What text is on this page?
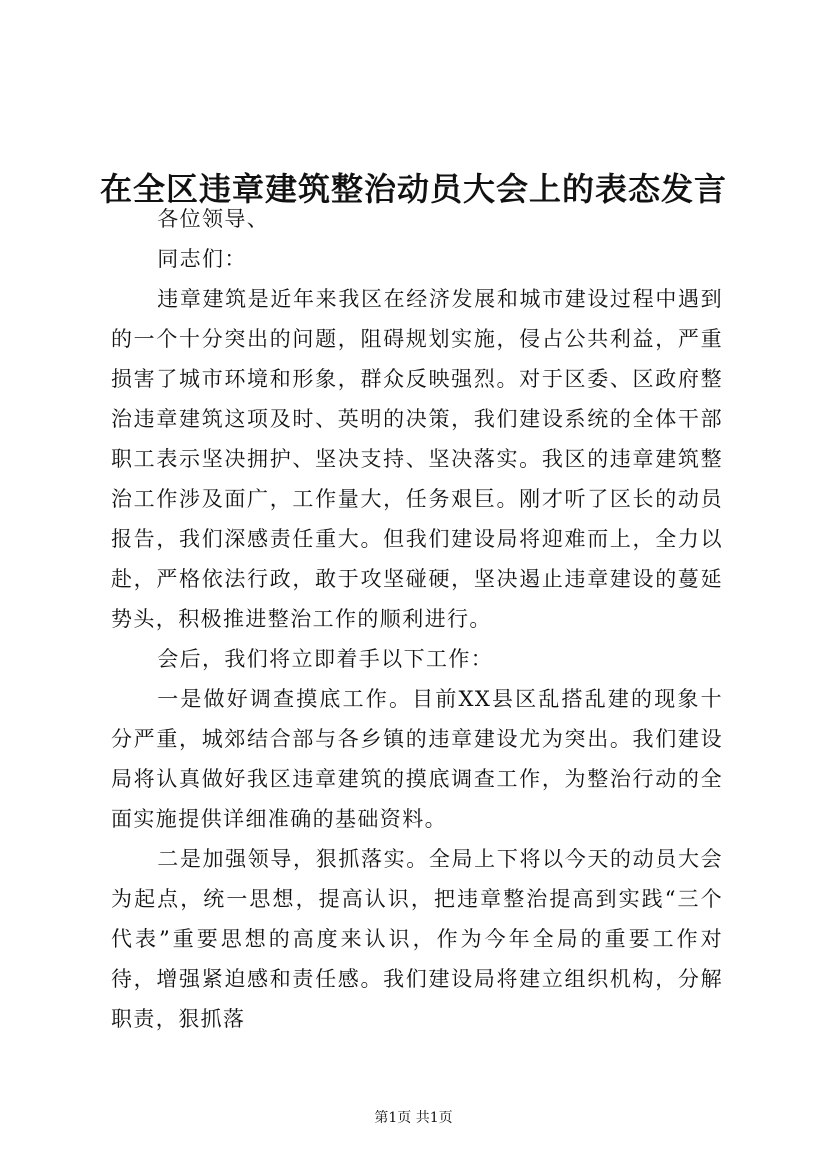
在全区违章建筑整治动员大会上的表态发言

各位领导、

同志们：

违章建筑是近年来我区在经济发展和城市建设过程中遇到的一个十分突出的问题，阻碍规划实施，侵占公共利益，严重损害了城市环境和形象，群众反映强烈。对于区委、区政府整治违章建筑这项及时、英明的决策，我们建设系统的全体干部职工表示坚决拥护、坚决支持、坚决落实。我区的违章建筑整治工作涉及面广，工作量大，任务艰巨。刚才听了区长的动员报告，我们深感责任重大。但我们建设局将迎难而上，全力以赴，严格依法行政，敢于攻坚碰硬，坚决遏止违章建设的蔓延势头，积极推进整治工作的顺利进行。

会后，我们将立即着手以下工作：

一是做好调查摸底工作。目前XX县区乱搭乱建的现象十分严重，城郊结合部与各乡镇的违章建设尤为突出。我们建设局将认真做好我区违章建筑的摸底调查工作，为整治行动的全面实施提供详细准确的基础资料。

二是加强领导，狠抓落实。全局上下将以今天的动员大会为起点，统一思想，提高认识，把违章整治提高到实践“三个代表”重要思想的高度来认识，作为今年全局的重要工作对待，增强紧迫感和责任感。我们建设局将建立组织机构，分解职责，狠抓落

第1页 共1页
